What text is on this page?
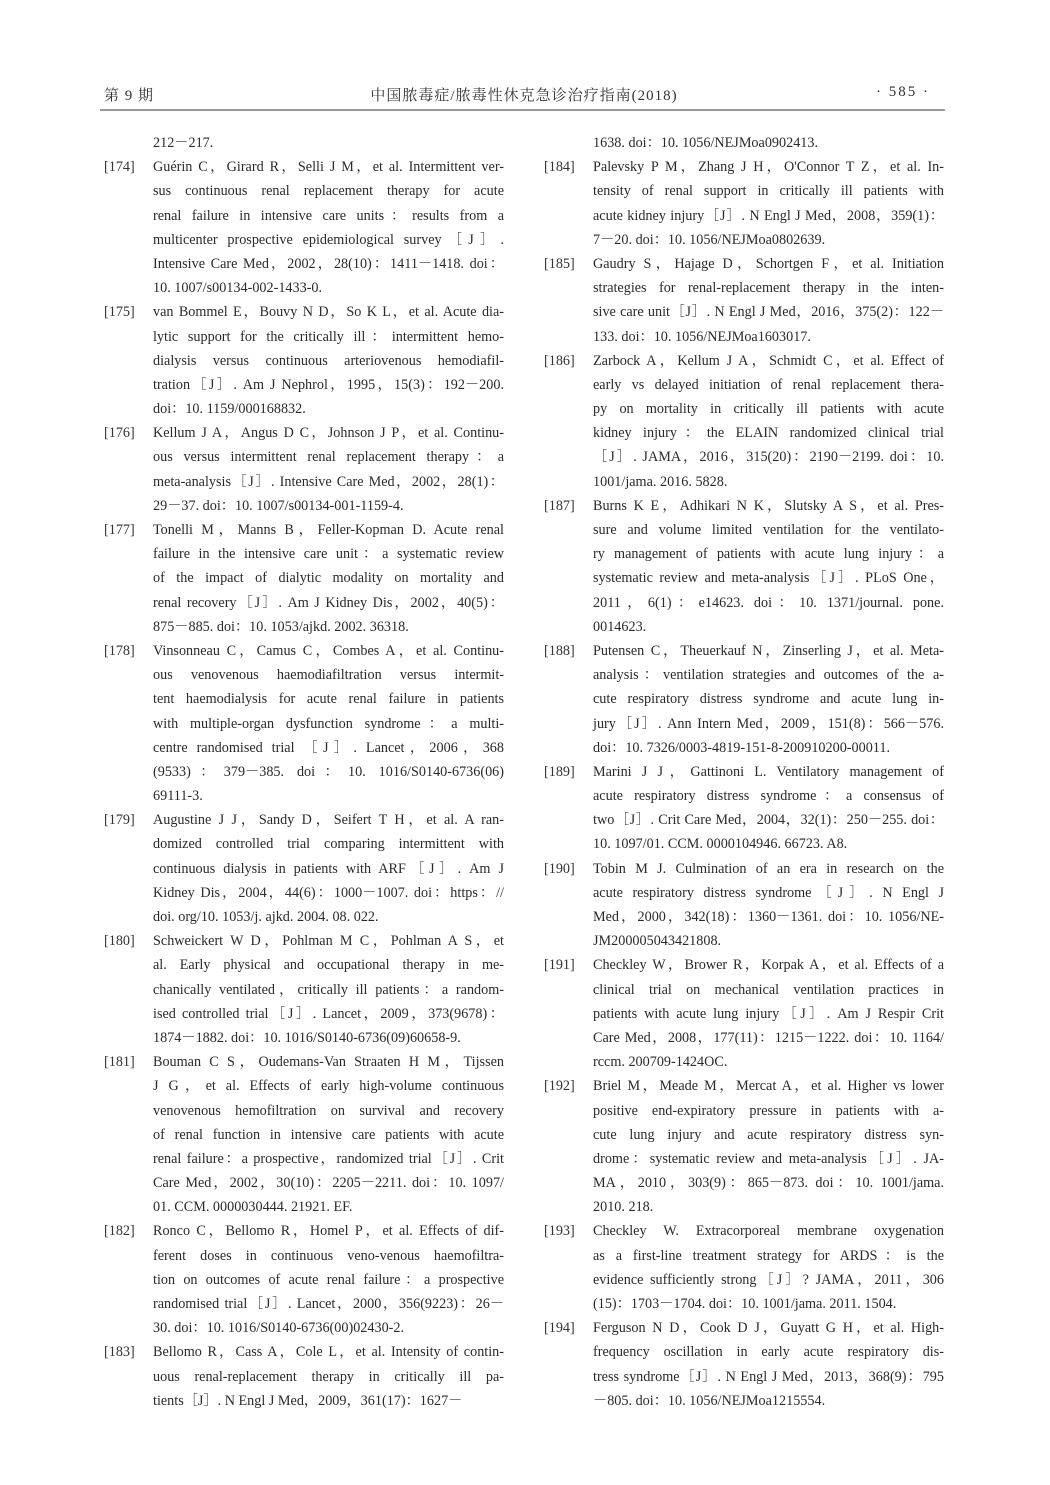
第 9 期	中国脓毒症/脓毒性休克急诊治疗指南(2018)	· 585 ·
212－217.
[174]	Guérin C，Girard R，Selli J M，et al. Intermittent ver-
sus continuous renal replacement therapy for acute
renal failure in intensive care units：results from a
multicenter prospective epidemiological survey［J］.
Intensive Care Med，2002，28(10)：1411－1418. doi：
10. 1007/s00134-002-1433-0.
[175]	van Bommel E，Bouvy N D，So K L，et al. Acute dia-
lytic support for the critically ill：intermittent hemo-
dialysis versus continuous arteriovenous hemodiafil-
tration［J］. Am J Nephrol，1995，15(3)：192－200.
doi：10. 1159/000168832.
[176]	Kellum J A，Angus D C，Johnson J P，et al. Continu-
ous versus intermittent renal replacement therapy：a
meta-analysis［J］. Intensive Care Med，2002，28(1)：
29－37. doi：10. 1007/s00134-001-1159-4.
[177]	Tonelli M，Manns B，Feller-Kopman D. Acute renal
failure in the intensive care unit：a systematic review
of the impact of dialytic modality on mortality and
renal recovery［J］. Am J Kidney Dis，2002，40(5)：
875－885. doi：10. 1053/ajkd. 2002. 36318.
[178]	Vinsonneau C，Camus C，Combes A，et al. Continu-
ous venovenous haemodiafiltration versus intermit-
tent haemodialysis for acute renal failure in patients
with multiple-organ dysfunction syndrome：a multi-
centre randomised trial ［J］. Lancet，2006，368
(9533)：379－385. doi：10. 1016/S0140-6736(06)
69111-3.
[179]	Augustine J J，Sandy D，Seifert T H，et al. A ran-
domized controlled trial comparing intermittent with
continuous dialysis in patients with ARF［J］. Am J
Kidney Dis，2004，44(6)：1000－1007. doi：https：//
doi. org/10. 1053/j. ajkd. 2004. 08. 022.
[180]	Schweickert W D，Pohlman M C，Pohlman A S，et
al. Early physical and occupational therapy in me-
chanically ventilated，critically ill patients：a random-
ised controlled trial［J］. Lancet，2009，373(9678)：
1874－1882. doi：10. 1016/S0140-6736(09)60658-9.
[181]	Bouman C S，Oudemans-Van Straaten H M，Tijssen
J G，et al. Effects of early high-volume continuous
venovenous hemofiltration on survival and recovery
of renal function in intensive care patients with acute
renal failure：a prospective，randomized trial［J］. Crit
Care Med，2002，30(10)：2205－2211. doi：10. 1097/
01. CCM. 0000030444. 21921. EF.
[182]	Ronco C，Bellomo R，Homel P，et al. Effects of dif-
ferent doses in continuous veno-venous haemofiltra-
tion on outcomes of acute renal failure：a prospective
randomised trial［J］. Lancet，2000，356(9223)：26－
30. doi：10. 1016/S0140-6736(00)02430-2.
[183]	Bellomo R，Cass A，Cole L，et al. Intensity of contin-
uous renal-replacement therapy in critically ill pa-
tients［J］. N Engl J Med，2009，361(17)：1627－
1638. doi：10. 1056/NEJMoa0902413.
[184]	Palevsky P M，Zhang J H，O'Connor T Z，et al. In-
tensity of renal support in critically ill patients with
acute kidney injury［J］. N Engl J Med，2008，359(1)：
7－20. doi：10. 1056/NEJMoa0802639.
[185]	Gaudry S，Hajage D，Schortgen F，et al. Initiation
strategies for renal-replacement therapy in the inten-
sive care unit［J］. N Engl J Med，2016，375(2)：122－
133. doi：10. 1056/NEJMoa1603017.
[186]	Zarbock A，Kellum J A，Schmidt C，et al. Effect of
early vs delayed initiation of renal replacement thera-
py on mortality in critically ill patients with acute
kidney injury：the ELAIN randomized clinical trial
［J］. JAMA，2016，315(20)：2190－2199. doi：10.
1001/jama. 2016. 5828.
[187]	Burns K E，Adhikari N K，Slutsky A S，et al. Pres-
sure and volume limited ventilation for the ventilato-
ry management of patients with acute lung injury：a
systematic review and meta-analysis［J］. PLoS One，
2011，6(1)：e14623. doi：10. 1371/journal. pone.
0014623.
[188]	Putensen C，Theuerkauf N，Zinserling J，et al. Meta-
analysis：ventilation strategies and outcomes of the a-
cute respiratory distress syndrome and acute lung in-
jury［J］. Ann Intern Med，2009，151(8)：566－576.
doi：10. 7326/0003-4819-151-8-200910200-00011.
[189]	Marini J J，Gattinoni L. Ventilatory management of
acute respiratory distress syndrome：a consensus of
two［J］. Crit Care Med，2004，32(1)：250－255. doi：
10. 1097/01. CCM. 0000104946. 66723. A8.
[190]	Tobin M J. Culmination of an era in research on the
acute respiratory distress syndrome［J］. N Engl J
Med，2000，342(18)：1360－1361. doi：10. 1056/NE-
JM200005043421808.
[191]	Checkley W，Brower R，Korpak A，et al. Effects of a
clinical trial on mechanical ventilation practices in
patients with acute lung injury［J］. Am J Respir Crit
Care Med，2008，177(11)：1215－1222. doi：10. 1164/
rccm. 200709-1424OC.
[192]	Briel M，Meade M，Mercat A，et al. Higher vs lower
positive end-expiratory pressure in patients with a-
cute lung injury and acute respiratory distress syn-
drome：systematic review and meta-analysis［J］. JA-
MA，2010，303(9)：865－873. doi：10. 1001/jama.
2010. 218.
[193]	Checkley W. Extracorporeal membrane oxygenation
as a first-line treatment strategy for ARDS：is the
evidence sufficiently strong［J］? JAMA，2011，306
(15)：1703－1704. doi：10. 1001/jama. 2011. 1504.
[194]	Ferguson N D，Cook D J，Guyatt G H，et al. High-
frequency oscillation in early acute respiratory dis-
tress syndrome［J］. N Engl J Med，2013，368(9)：795
－805. doi：10. 1056/NEJMoa1215554.
